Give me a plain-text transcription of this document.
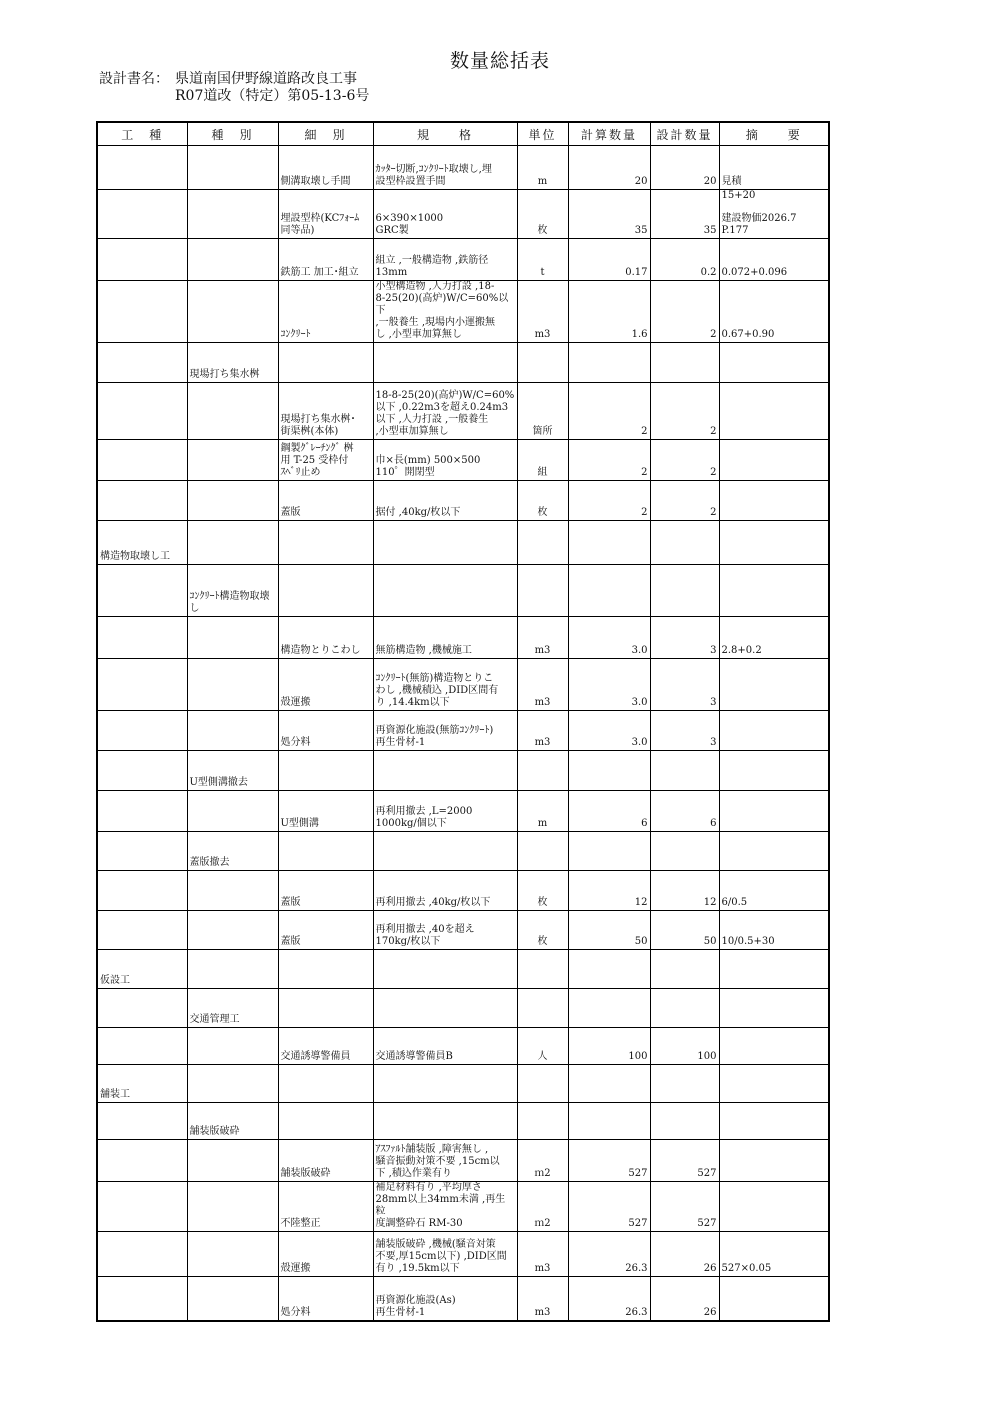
数量総括表
設計書名： 県道南国伊野線道路改良工事
R07道改（特定）第05-13-6号
工　種	種　別	細　別	規　　格	単位	計算数量	設計数量	摘　　要

		側溝取壊し手間	ｶｯﾀｰ切断,ｺﾝｸﾘｰﾄ取壊し,埋
設型枠設置手間	m	20	20	見積

		埋設型枠(KCﾌｫｰﾑ
同等品)	6×390×1000
GRC製	枚	35	35	15+20
建設物価2026.7 P.177

		鉄筋工 加工･組立	組立 ,一般構造物 ,鉄筋径
13mm	t	0.17	0.2	0.072+0.096

		ｺﾝｸﾘｰﾄ	小型構造物 ,人力打設 ,18-
8-25(20)(高炉)W/C=60%以下
,一般養生 ,現場内小運搬無
し ,小型車加算無し	m3	1.6	2	0.67+0.90

	現場打ち集水桝						

		現場打ち集水桝･
街渠桝(本体)	18-8-25(20)(高炉)W/C=60%
以下 ,0.22m3を超え0.24m3
以下 ,人力打設 ,一般養生
,小型車加算無し	箇所	2	2	

		鋼製ｸﾞﾚｰﾁﾝｸﾞ 桝
用 T-25 受枠付
ｽﾍﾞﾘ止め	巾×長(mm) 500×500
110゜開閉型	組	2	2	

		蓋版	据付 ,40kg/枚以下	枚	2	2	

構造物取壊し工							

	ｺﾝｸﾘｰﾄ構造物取壊
し						

		構造物とりこわし	無筋構造物 ,機械施工	m3	3.0	3	2.8+0.2

		殻運搬	ｺﾝｸﾘｰﾄ(無筋)構造物とりこ
わし ,機械積込 ,DID区間有
り ,14.4km以下	m3	3.0	3	

		処分料	再資源化施設(無筋ｺﾝｸﾘｰﾄ)
再生骨材-1	m3	3.0	3	

	U型側溝撤去						

		U型側溝	再利用撤去 ,L=2000
1000kg/個以下	m	6	6	

	蓋版撤去						

		蓋版	再利用撤去 ,40kg/枚以下	枚	12	12	6/0.5

		蓋版	再利用撤去 ,40を超え
170kg/枚以下	枚	50	50	10/0.5+30

仮設工							

	交通管理工						

		交通誘導警備員	交通誘導警備員B	人	100	100	

舗装工							

	舗装版破砕						

		舗装版破砕	ｱｽﾌｧﾙﾄ舗装版 ,障害無し ,
騒音振動対策不要 ,15cm以
下 ,積込作業有り	ｍ2	527	527	

		不陸整正	補足材料有り ,平均厚さ
28mm以上34mm未満 ,再生粒
度調整砕石 RM-30	ｍ2	527	527	

		殻運搬	舗装版破砕 ,機械(騒音対策
不要,厚15cm以下) ,DID区間
有り ,19.5km以下	m3	26.3	26	527×0.05

		処分料	再資源化施設(As)
再生骨材-1	m3	26.3	26	
